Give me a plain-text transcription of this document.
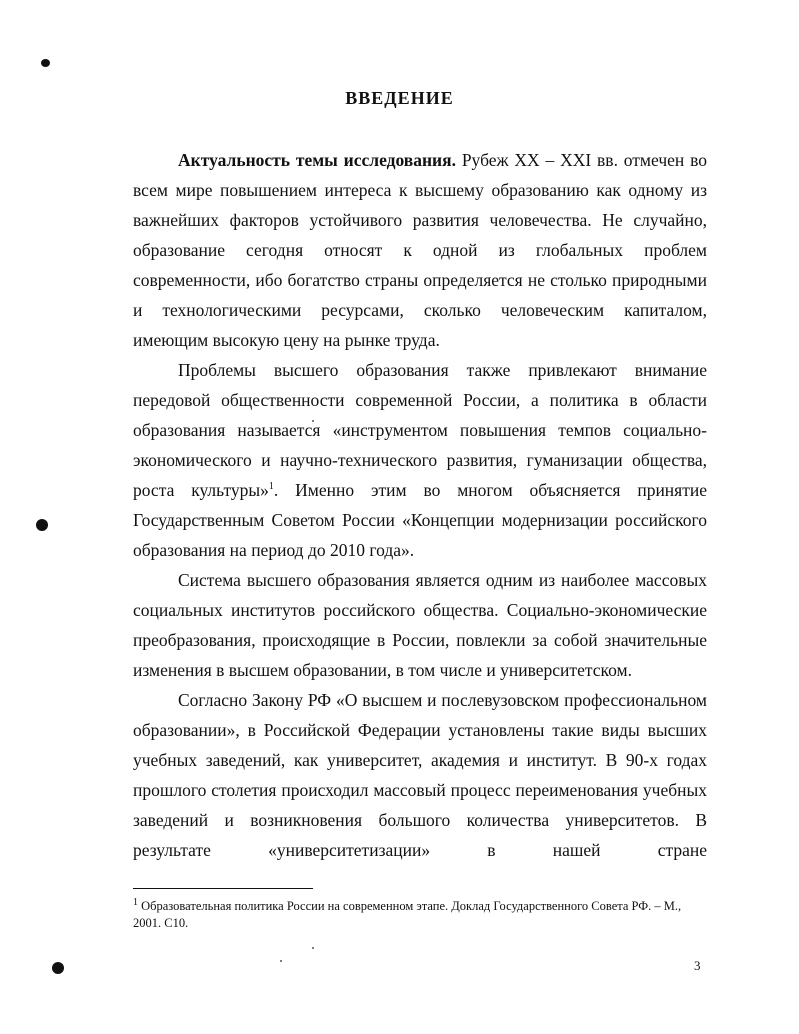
ВВЕДЕНИЕ

Актуальность темы исследования. Рубеж XX – XXI вв. отмечен во всем мире повышением интереса к высшему образованию как одному из важнейших факторов устойчивого развития человечества. Не случайно, образование сегодня относят к одной из глобальных проблем современности, ибо богатство страны определяется не столько природными и технологическими ресурсами, сколько человеческим капиталом, имеющим высокую цену на рынке труда.

Проблемы высшего образования также привлекают внимание передовой общественности современной России, а политика в области образования называется «инструментом повышения темпов социально-экономического и научно-технического развития, гуманизации общества, роста культуры»$^1$. Именно этим во многом объясняется принятие Государственным Советом России «Концепции модернизации российского образования на период до 2010 года».

Система высшего образования является одним из наиболее массовых социальных институтов российского общества. Социально-экономические преобразования, происходящие в России, повлекли за собой значительные изменения в высшем образовании, в том числе и университетском.

Согласно Закону РФ «О высшем и послевузовском профессиональном образовании», в Российской Федерации установлены такие виды высших учебных заведений, как университет, академия и институт. В 90-х годах прошлого столетия происходил массовый процесс переименования учебных заведений и возникновения большого количества университетов. В результате «университетизации» в нашей стране

$^1$ Образовательная политика России на современном этапе. Доклад Государственного Совета РФ. – М., 2001. С10.
3
